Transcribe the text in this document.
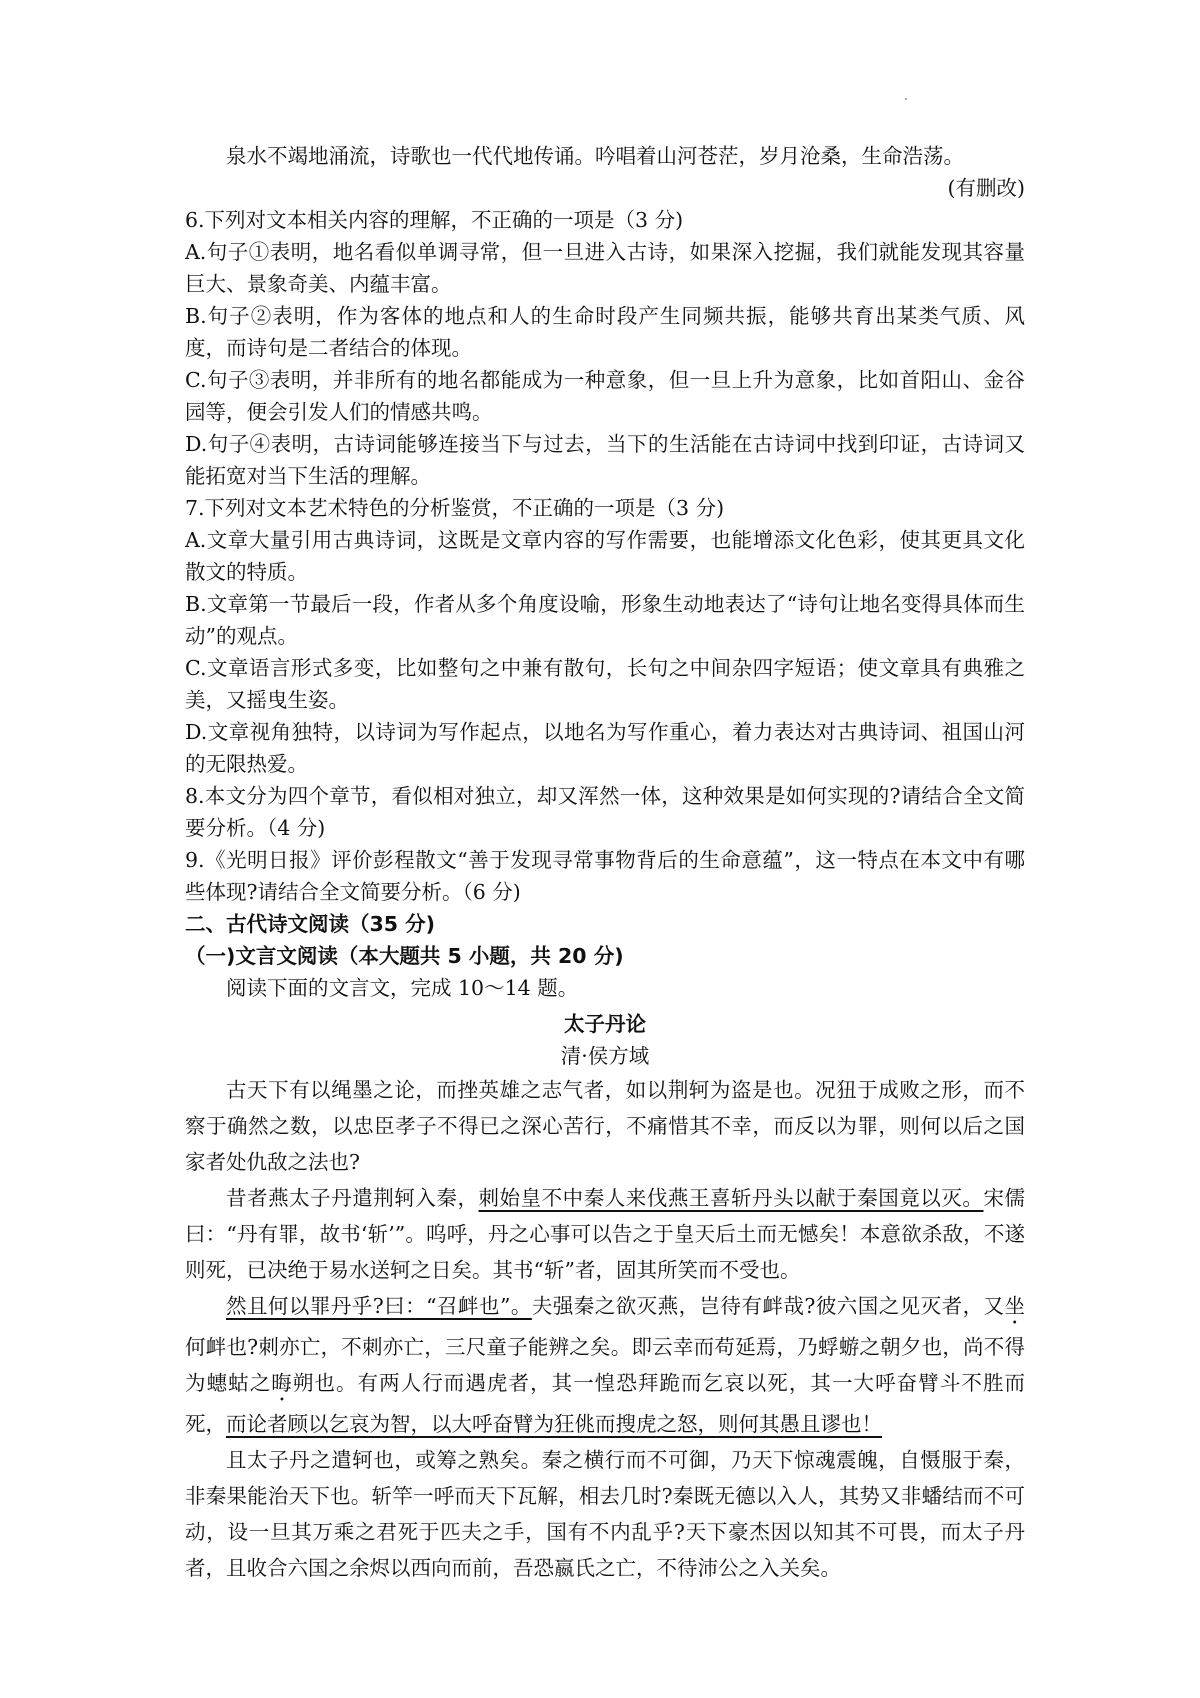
泉水不竭地涌流，诗歌也一代代地传诵。吟唱着山河苍茫，岁月沧桑，生命浩荡。

(有删改)

6.下列对文本相关内容的理解，不正确的一项是（3 分)

A.句子①表明，地名看似单调寻常，但一旦进入古诗，如果深入挖掘，我们就能发现其容量巨大、景象奇美、内蕴丰富。

B.句子②表明，作为客体的地点和人的生命时段产生同频共振，能够共育出某类气质、风度，而诗句是二者结合的体现。

C.句子③表明，并非所有的地名都能成为一种意象，但一旦上升为意象，比如首阳山、金谷园等，便会引发人们的情感共鸣。

D.句子④表明，古诗词能够连接当下与过去，当下的生活能在古诗词中找到印证，古诗词又能拓宽对当下生活的理解。

7.下列对文本艺术特色的分析鉴赏，不正确的一项是（3 分)

A.文章大量引用古典诗词，这既是文章内容的写作需要，也能增添文化色彩，使其更具文化散文的特质。

B.文章第一节最后一段，作者从多个角度设喻，形象生动地表达了“诗句让地名变得具体而生动”的观点。

C.文章语言形式多变，比如整句之中兼有散句，长句之中间杂四字短语；使文章具有典雅之美，又摇曳生姿。

D.文章视角独特，以诗词为写作起点，以地名为写作重心，着力表达对古典诗词、祖国山河的无限热爱。

8.本文分为四个章节，看似相对独立，却又浑然一体，这种效果是如何实现的?请结合全文简要分析。（4 分)

9.《光明日报》评价彭程散文“善于发现寻常事物背后的生命意蕴”，这一特点在本文中有哪些体现?请结合全文简要分析。（6 分)

二、古代诗文阅读（35 分)

（一)文言文阅读（本大题共 5 小题，共 20 分)

阅读下面的文言文，完成 10～14 题。

太子丹论

清·侯方域

古天下有以绳墨之论，而挫英雄之志气者，如以荆轲为盗是也。况狃于成败之形，而不察于确然之数，以忠臣孝子不得已之深心苦行，不痛惜其不幸，而反以为罪，则何以后之国家者处仇敌之法也?

昔者燕太子丹遣荆轲入秦，刺始皇不中秦人来伐燕王喜斩丹头以献于秦国竟以灭。宋儒曰：“丹有罪，故书‘斩’”。呜呼，丹之心事可以告之于皇天后土而无憾矣！本意欲杀敌，不遂则死，已决绝于易水送轲之日矣。其书“斩”者，固其所笑而不受也。

然且何以罪丹乎?曰：“召衅也”。夫强秦之欲灭燕，岂待有衅哉?彼六国之见灭者，又坐何衅也?刺亦亡，不刺亦亡，三尺童子能辨之矣。即云幸而苟延焉，乃蜉蝣之朝夕也，尚不得为蟪蛄之晦朔也。有两人行而遇虎者，其一惶恐拜跪而乞哀以死，其一大呼奋臂斗不胜而死，而论者顾以乞哀为智，以大呼奋臂为狂佻而搜虎之怒，则何其愚且谬也！

且太子丹之遣轲也，或筹之熟矣。秦之横行而不可御，乃天下惊魂震魄，自慑服于秦，非秦果能治天下也。斩竿一呼而天下瓦解，相去几时?秦既无德以入人，其势又非蟠结而不可动，设一旦其万乘之君死于匹夫之手，国有不内乱乎?天下豪杰因以知其不可畏，而太子丹者，且收合六国之余烬以西向而前，吾恐嬴氏之亡，不待沛公之入关矣。
